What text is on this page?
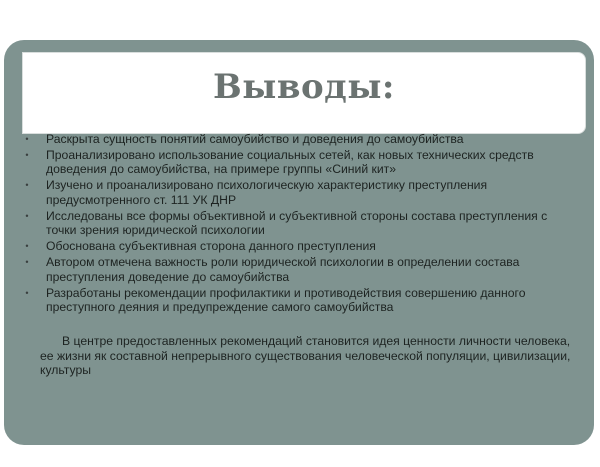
Выводы:
•	Раскрыта сущность понятий самоубийство и доведения до самоубийства
•	Проанализировано использование социальных сетей, как новых технических средств доведения до самоубийства, на примере группы «Синий кит»
•	Изучено и проанализировано психологическую характеристику преступления предусмотренного ст. 111 УК ДНР
•	Исследованы все формы объективной и субъективной стороны состава преступления с точки зрения юридической психологии
•	Обоснована субъективная сторона данного преступления
•	Автором отмечена важность роли юридической психологии в определении состава преступления доведение до самоубийства
•	Разработаны рекомендации профилактики и противодействия совершению данного преступного деяния и предупреждение самого самоубийства

В центре предоставленных рекомендаций становится идея ценности личности человека, ее жизни як составной непрерывного существования человеческой популяции, цивилизации, культуры
